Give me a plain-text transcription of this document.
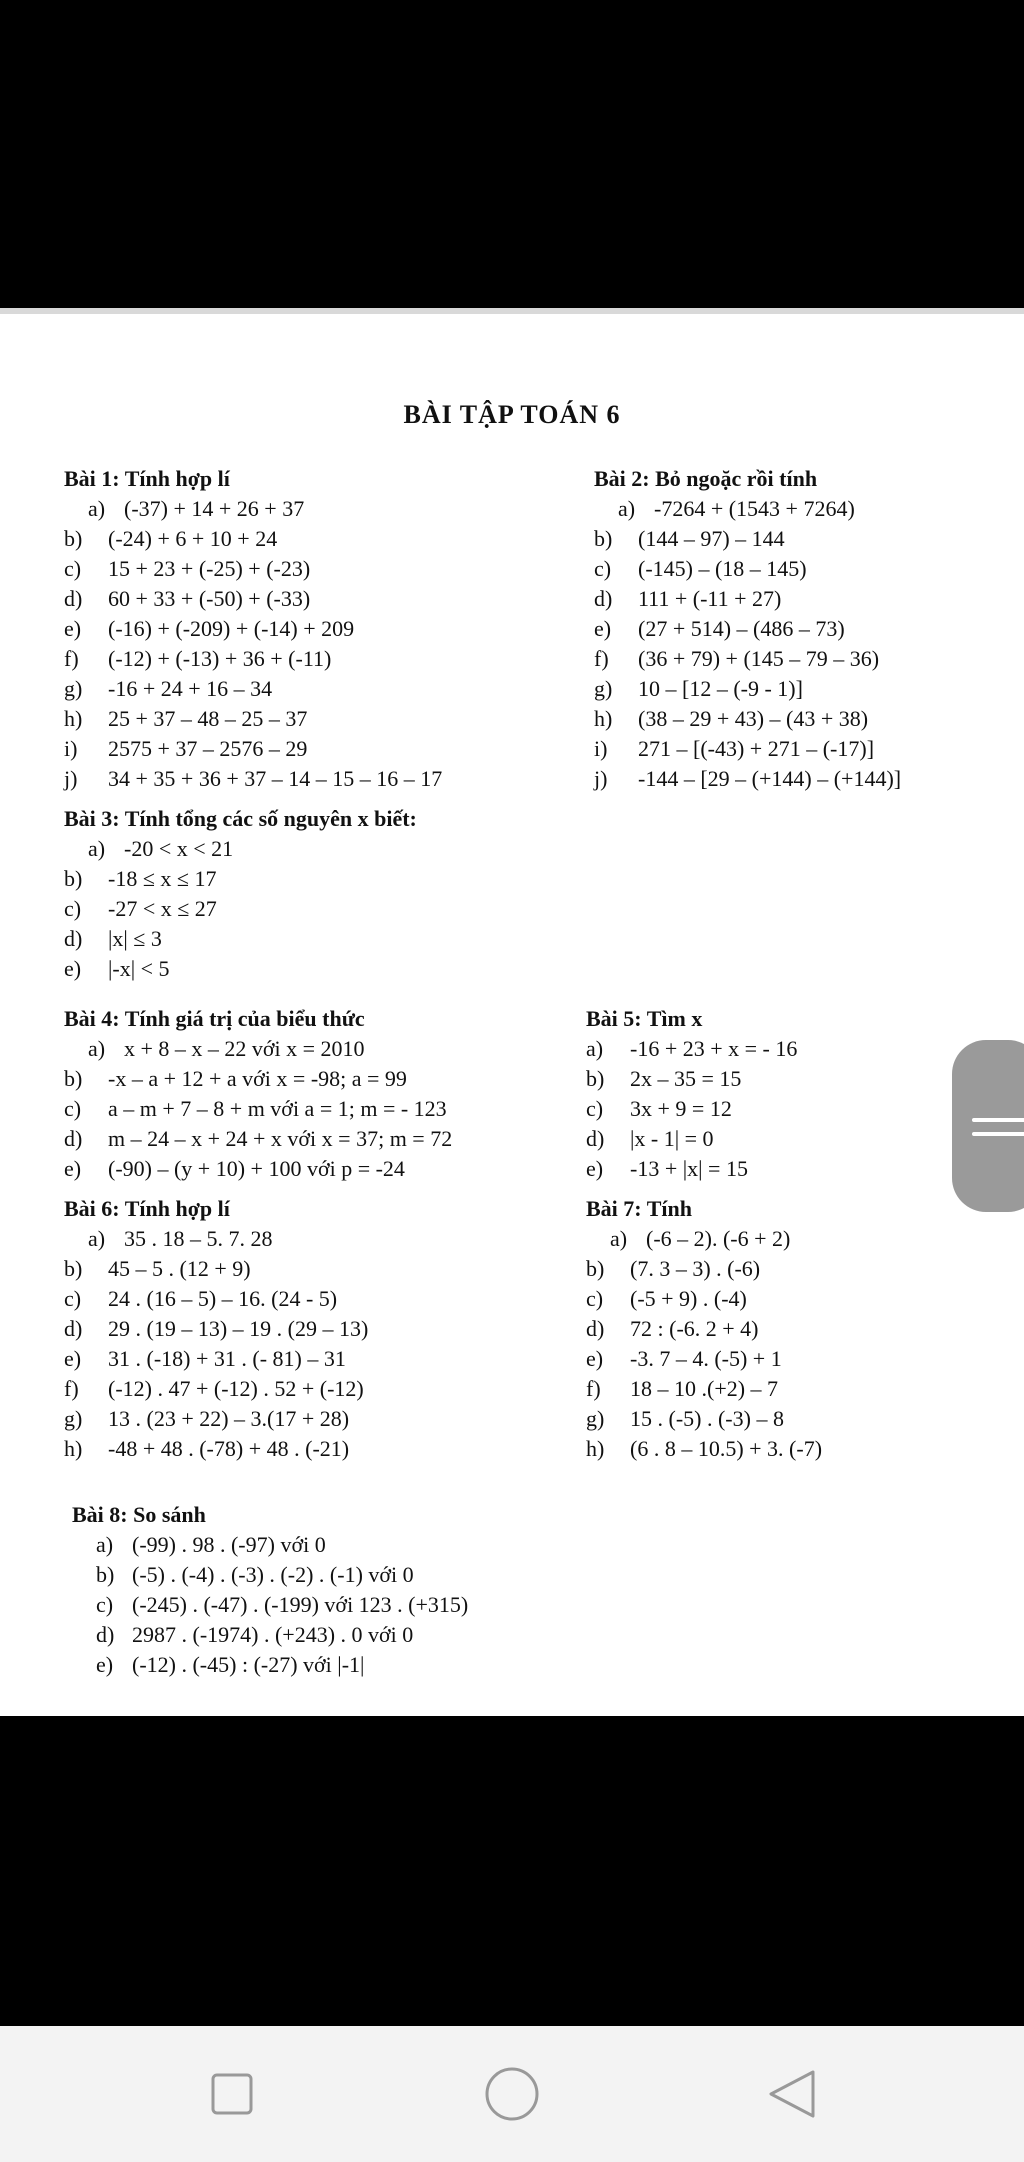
BÀI TẬP TOÁN 6
Bài 1: Tính hợp lí
a) (-37) + 14 + 26 + 37
b)	(-24) + 6 + 10 + 24
c)	15 + 23 + (-25) + (-23)
d)	60 + 33 + (-50) + (-33)
e)	(-16) + (-209) + (-14) + 209
f)	(-12) + (-13) + 36 + (-11)
g)	-16 + 24 + 16 – 34
h)	25 + 37 – 48 – 25 – 37
i)	2575 + 37 – 2576 – 29
j)	34 + 35 + 36 + 37 – 14 – 15 – 16 – 17
Bài 3: Tính tổng các số nguyên x biết:
a) -20 < x < 21
b)	-18 ≤ x ≤ 17
c)	-27 < x ≤ 27
d)	|x| ≤ 3
e)	|-x| < 5
Bài 4: Tính giá trị của biểu thức
a) x + 8 – x – 22 với x = 2010
b)	-x – a + 12 + a với x = -98; a = 99
c)	a – m + 7 – 8 + m với a = 1; m = - 123
d)	m – 24 – x + 24 + x với x = 37; m = 72
e)	(-90) – (y + 10) + 100 với p = -24
Bài 6: Tính hợp lí
a) 35 . 18 – 5. 7. 28
b)	45 – 5 . (12 + 9)
c)	24 . (16 – 5) – 16. (24 - 5)
d)	29 . (19 – 13) – 19 . (29 – 13)
e)	31 . (-18) + 31 . (- 81) – 31
f)	(-12) . 47 + (-12) . 52 + (-12)
g)	13 . (23 + 22) – 3.(17 + 28)
h)	-48 + 48 . (-78) + 48 . (-21)
Bài 8: So sánh
a) (-99) . 98 . (-97) với 0
b) (-5) . (-4) . (-3) . (-2) . (-1) với 0
c) (-245) . (-47) . (-199) với 123 . (+315)
d) 2987 . (-1974) . (+243) . 0 với 0
e) (-12) . (-45) : (-27) với |-1|
Bài 2: Bỏ ngoặc rồi tính
a) -7264 + (1543 + 7264)
b)	(144 – 97) – 144
c)	(-145) – (18 – 145)
d)	111 + (-11 + 27)
e)	(27 + 514) – (486 – 73)
f)	(36 + 79) + (145 – 79 – 36)
g)	10 – [12 – (-9 - 1)]
h)	(38 – 29 + 43) – (43 + 38)
i)	271 – [(-43) + 271 – (-17)]
j)	-144 – [29 – (+144) – (+144)]
Bài 5: Tìm x
a)	-16 + 23 + x = - 16
b)	2x – 35 = 15
c)	3x + 9 = 12
d)	|x - 1| = 0
e)	-13 + |x| = 15
Bài 7: Tính
a) (-6 – 2). (-6 + 2)
b)	(7. 3 – 3) . (-6)
c)	(-5 + 9) . (-4)
d)	72 : (-6. 2 + 4)
e)	-3. 7 – 4. (-5) + 1
f)	18 – 10 .(+2) – 7
g)	15 . (-5) . (-3) – 8
h)	(6 . 8 – 10.5) + 3. (-7)
